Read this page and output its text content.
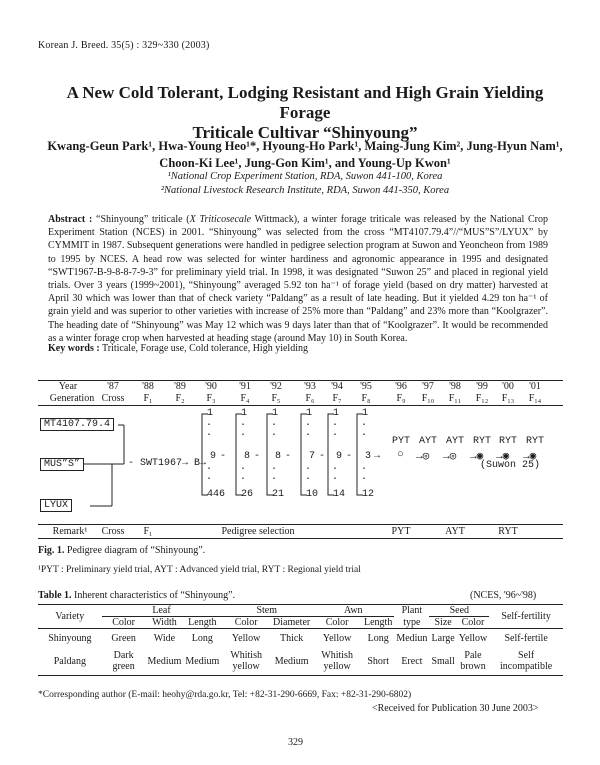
Korean J. Breed. 35(5) : 329~330 (2003)
A New Cold Tolerant, Lodging Resistant and High Grain Yielding Forage
Triticale Cultivar “Shinyoung”
Kwang-Geun Park¹, Hwa-Young Heo¹*, Hyoung-Ho Park¹, Maing-Jung Kim², Jung-Hyun Nam¹,
Choon-Ki Lee¹, Jung-Gon Kim¹, and Young-Up Kwon¹
¹National Crop Experiment Station, RDA, Suwon 441-100, Korea
²National Livestock Research Institute, RDA, Suwon 441-350, Korea
Abstract : “Shinyoung” triticale (X Triticosecale Wittmack), a winter forage triticale was released by the National Crop Experiment Station (NCES) in 2001. “Shinyoung” was selected from the cross “MT4107.79.4”//“MUS”S”/LYUX” by CYMMIT in 1987. Subsequent generations were handled in pedigree selection program at Suwon and Yeoncheon from 1989 to 1995 by NCES. A head row was selected for winter hardiness and agronomic appearance in 1995 and designated “SWT1967-B-9-8-8-7-9-3” for preliminary yield trial. In 1998, it was designated “Suwon 25” and placed in regional yield trials. Over 3 years (1999~2001), “Shinyoung” averaged 5.92 ton ha⁻¹ of forage yield (based on dry matter) harvested at April 30 which was lower than that of check variety “Paldang” as a result of late heading. But it yielded 4.29 ton ha⁻¹ of grain yield and was superior to other varieties with increase of 25% more than “Paldang” and 23% more than “Koolgrazer”. The heading date of “Shinyoung” was May 12 which was 9 days later than that of “Koolgrazer”. It would be recommended as a winter forage crop when harvested at heading stage (around May 10) in South Korea.
Key words : Triticale, Forage use, Cold tolerance, High yielding
Year	'87	'88	'89	'90	'91	'92	'93	'94	'95	'96	'97	'98	'99	'00	'01
Generation Cross	F₁	F₂	F₃	F₄	F₅	F₆	F₇	F₈	F₉	F₁₀	F₁₁	F₁₂	F₁₃	F₁₄
MT4107.79.4
MUS”S”
LYUX
- SWT1967→ B→
1
446
9
.
.
.
.
-
1
26
8
.
.
.
.
-
1
21
8
.
.
.
.
-
1
10
7
.
.
.
.
-
1
14
9
.
.
.
.
-
1
12
3
.
.
.
.
PYT
○
AYT
→◎
AYT
→◎
RYT
→◉
RYT
→◉
RYT
→◉
→
(Suwon 25)
Remark¹	Cross	F₁	Pedigree selection	PYT	AYT	RYT
Fig. 1. Pedigree diagram of “Shinyoung”.
¹PYT : Preliminary yield trial, AYT : Advanced yield trial, RYT : Regional yield trial
Table 1. Inherent characteristics of “Shinyoung”.	(NCES, '96~'98)
Variety	Leaf			Stem		Awn		Plant	Seed		Self-fertility
	Color	Width	Length	Color	Diameter	Color	Length	type	Size	Color	
Shinyoung	Green	Wide	Long	Yellow	Thick	Yellow	Long	Mediun	Large	Yellow	Self-fertile
Paldang	Dark green	Medium	Medium	Whitish yellow	Medium	Whitish yellow	Short	Erect	Small	Pale brown	Self incompatible
*Corresponding author (E-mail: heohy@rda.go.kr, Tel: +82-31-290-6669, Fax: +82-31-290-6802)
<Received for Publication 30 June 2003>
329
